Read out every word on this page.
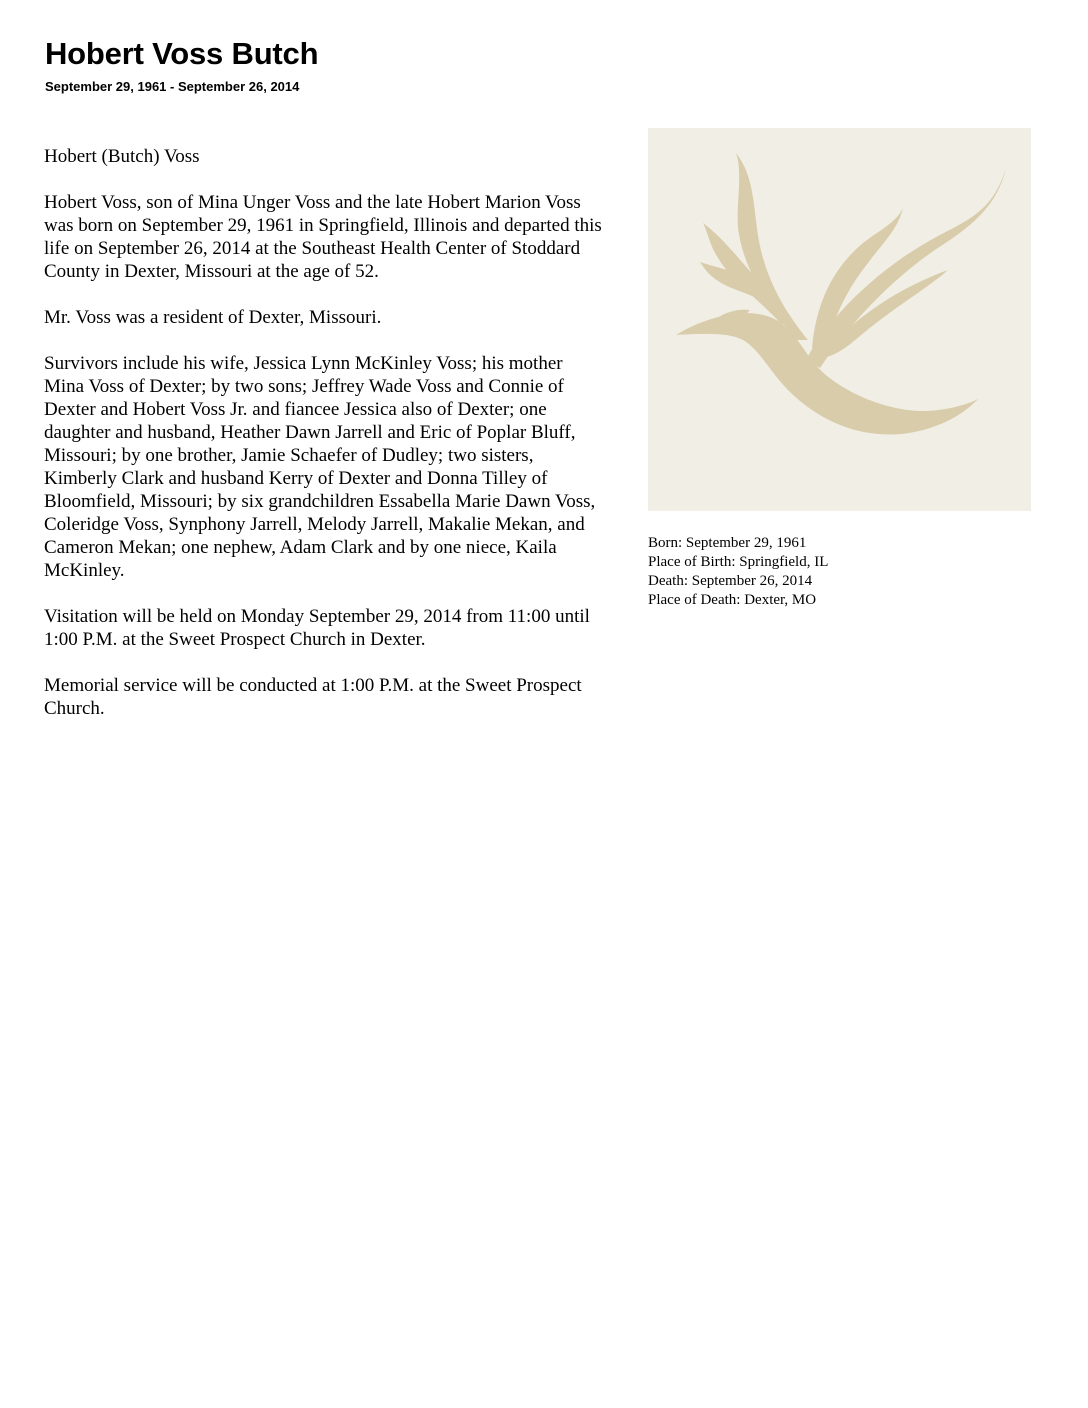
Hobert Voss Butch
September 29, 1961 - September 26, 2014

Hobert (Butch) Voss

Hobert Voss, son of Mina Unger Voss and the late Hobert Marion Voss was born on September 29, 1961 in Springfield, Illinois and departed this life on September 26, 2014 at the Southeast Health Center of Stoddard County in Dexter, Missouri at the age of 52.

Mr. Voss was a resident of Dexter, Missouri.

Survivors include his wife, Jessica Lynn McKinley Voss; his mother Mina Voss of Dexter; by two sons; Jeffrey Wade Voss and Connie of Dexter and Hobert Voss Jr. and fiancee Jessica also of Dexter; one daughter and husband, Heather Dawn Jarrell and Eric of Poplar Bluff, Missouri; by one brother, Jamie Schaefer of Dudley; two sisters, Kimberly Clark and husband Kerry of Dexter and Donna Tilley of Bloomfield, Missouri; by six grandchildren Essabella Marie Dawn Voss, Coleridge Voss, Synphony Jarrell, Melody Jarrell, Makalie Mekan, and Cameron Mekan; one nephew, Adam Clark and by one niece, Kaila McKinley.

Visitation will be held on Monday September 29, 2014 from 11:00 until 1:00 P.M. at the Sweet Prospect Church in Dexter.

Memorial service will be conducted at 1:00 P.M. at the Sweet Prospect Church.

Born: September 29, 1961
Place of Birth: Springfield, IL
Death: September 26, 2014
Place of Death: Dexter, MO
